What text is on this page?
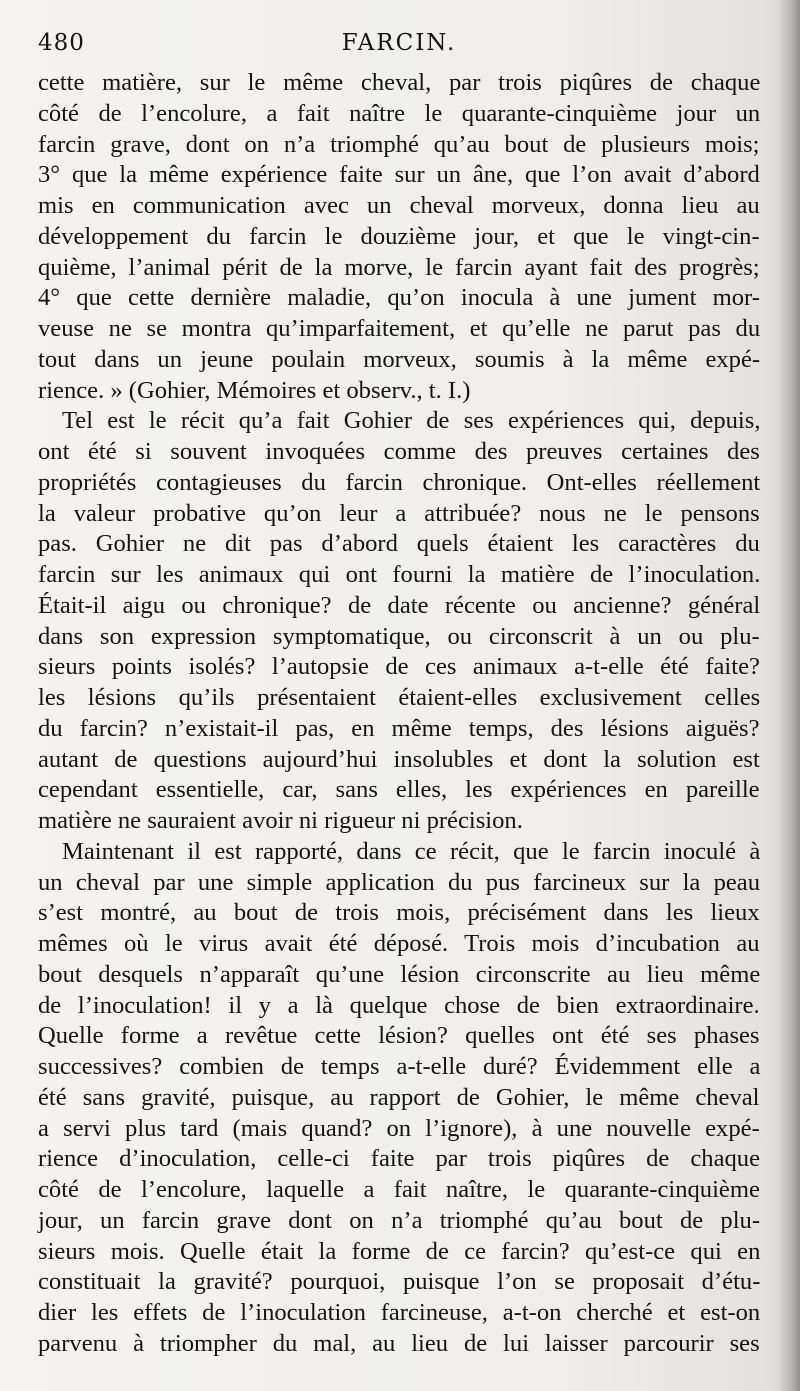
480	FARCIN.
cette matière, sur le même cheval, par trois piqûres de chaque
côté de l’encolure, a fait naître le quarante-cinquième jour un
farcin grave, dont on n’a triomphé qu’au bout de plusieurs mois;
3° que la même expérience faite sur un âne, que l’on avait d’abord
mis en communication avec un cheval morveux, donna lieu au
développement du farcin le douzième jour, et que le vingt-cin-
quième, l’animal périt de la morve, le farcin ayant fait des progrès;
4° que cette dernière maladie, qu’on inocula à une jument mor-
veuse ne se montra qu’imparfaitement, et qu’elle ne parut pas du
tout dans un jeune poulain morveux, soumis à la même expé-
rience. » (Gohier, Mémoires et observ., t. I.)
Tel est le récit qu’a fait Gohier de ses expériences qui, depuis,
ont été si souvent invoquées comme des preuves certaines des
propriétés contagieuses du farcin chronique. Ont-elles réellement
la valeur probative qu’on leur a attribuée? nous ne le pensons
pas. Gohier ne dit pas d’abord quels étaient les caractères du
farcin sur les animaux qui ont fourni la matière de l’inoculation.
Était-il aigu ou chronique? de date récente ou ancienne? général
dans son expression symptomatique, ou circonscrit à un ou plu-
sieurs points isolés? l’autopsie de ces animaux a-t-elle été faite?
les lésions qu’ils présentaient étaient-elles exclusivement celles
du farcin? n’existait-il pas, en même temps, des lésions aiguës?
autant de questions aujourd’hui insolubles et dont la solution est
cependant essentielle, car, sans elles, les expériences en pareille
matière ne sauraient avoir ni rigueur ni précision.
Maintenant il est rapporté, dans ce récit, que le farcin inoculé à
un cheval par une simple application du pus farcineux sur la peau
s’est montré, au bout de trois mois, précisément dans les lieux
mêmes où le virus avait été déposé. Trois mois d’incubation au
bout desquels n’apparaît qu’une lésion circonscrite au lieu même
de l’inoculation! il y a là quelque chose de bien extraordinaire.
Quelle forme a revêtue cette lésion? quelles ont été ses phases
successives? combien de temps a-t-elle duré? Évidemment elle a
été sans gravité, puisque, au rapport de Gohier, le même cheval
a servi plus tard (mais quand? on l’ignore), à une nouvelle expé-
rience d’inoculation, celle-ci faite par trois piqûres de chaque
côté de l’encolure, laquelle a fait naître, le quarante-cinquième
jour, un farcin grave dont on n’a triomphé qu’au bout de plu-
sieurs mois. Quelle était la forme de ce farcin? qu’est-ce qui en
constituait la gravité? pourquoi, puisque l’on se proposait d’étu-
dier les effets de l’inoculation farcineuse, a-t-on cherché et est-on
parvenu à triompher du mal, au lieu de lui laisser parcourir ses
